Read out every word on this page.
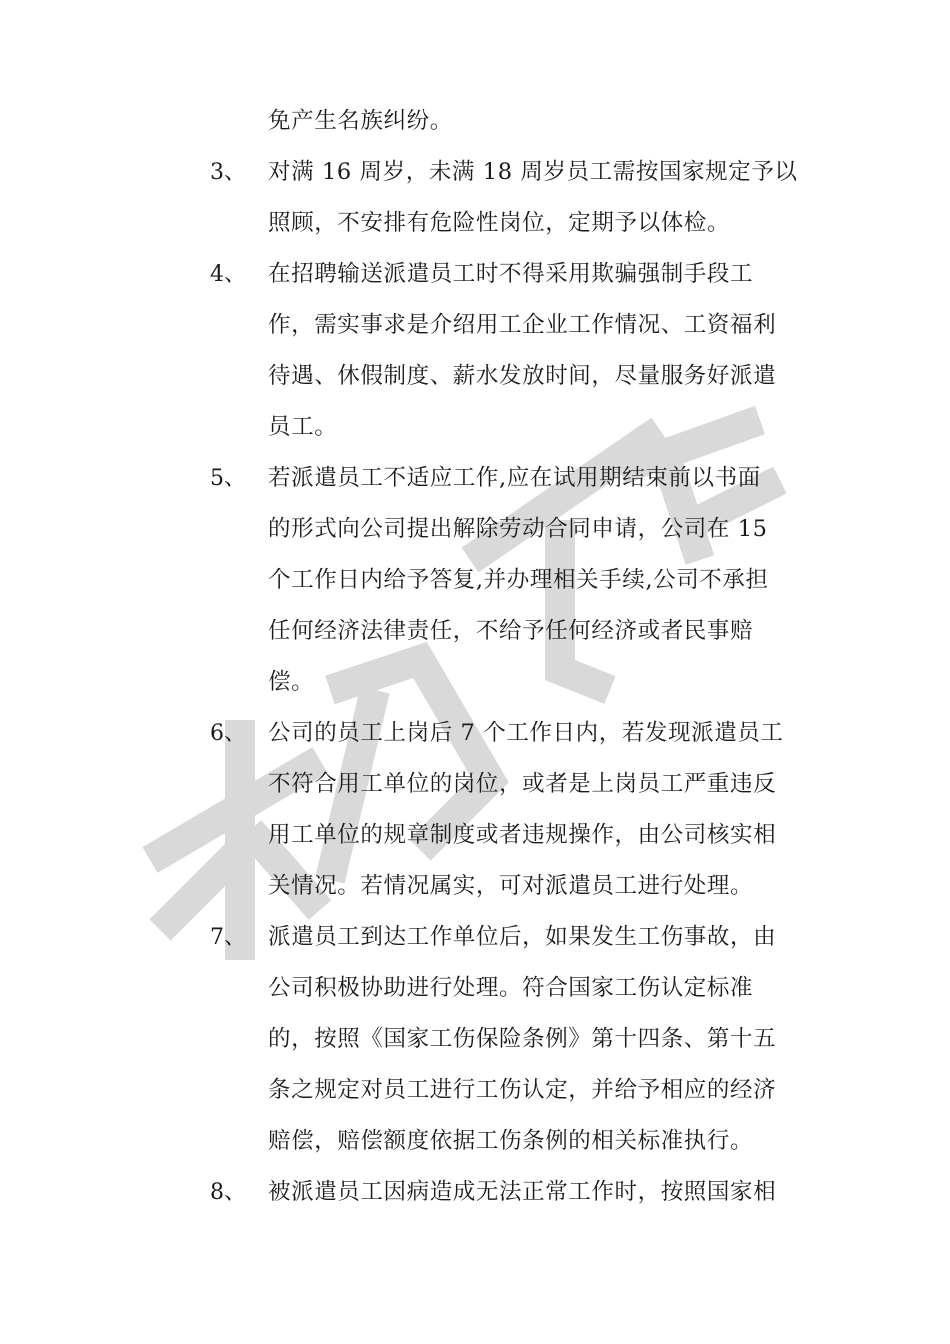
免产生名族纠纷。
3、 对满 16 周岁，未满 18 周岁员工需按国家规定予以
照顾，不安排有危险性岗位，定期予以体检。
4、 在招聘输送派遣员工时不得采用欺骗强制手段工
作，需实事求是介绍用工企业工作情况、工资福利
待遇、休假制度、薪水发放时间，尽量服务好派遣
员工。
5、 若派遣员工不适应工作,应在试用期结束前以书面
的形式向公司提出解除劳动合同申请，公司在 15
个工作日内给予答复,并办理相关手续,公司不承担
任何经济法律责任，不给予任何经济或者民事赔
偿。
6、 公司的员工上岗后 7 个工作日内，若发现派遣员工
不符合用工单位的岗位，或者是上岗员工严重违反
用工单位的规章制度或者违规操作，由公司核实相
关情况。若情况属实，可对派遣员工进行处理。
7、 派遣员工到达工作单位后，如果发生工伤事故，由
公司积极协助进行处理。符合国家工伤认定标准
的，按照《国家工伤保险条例》第十四条、第十五
条之规定对员工进行工伤认定，并给予相应的经济
赔偿，赔偿额度依据工伤条例的相关标准执行。
8、 被派遣员工因病造成无法正常工作时，按照国家相
